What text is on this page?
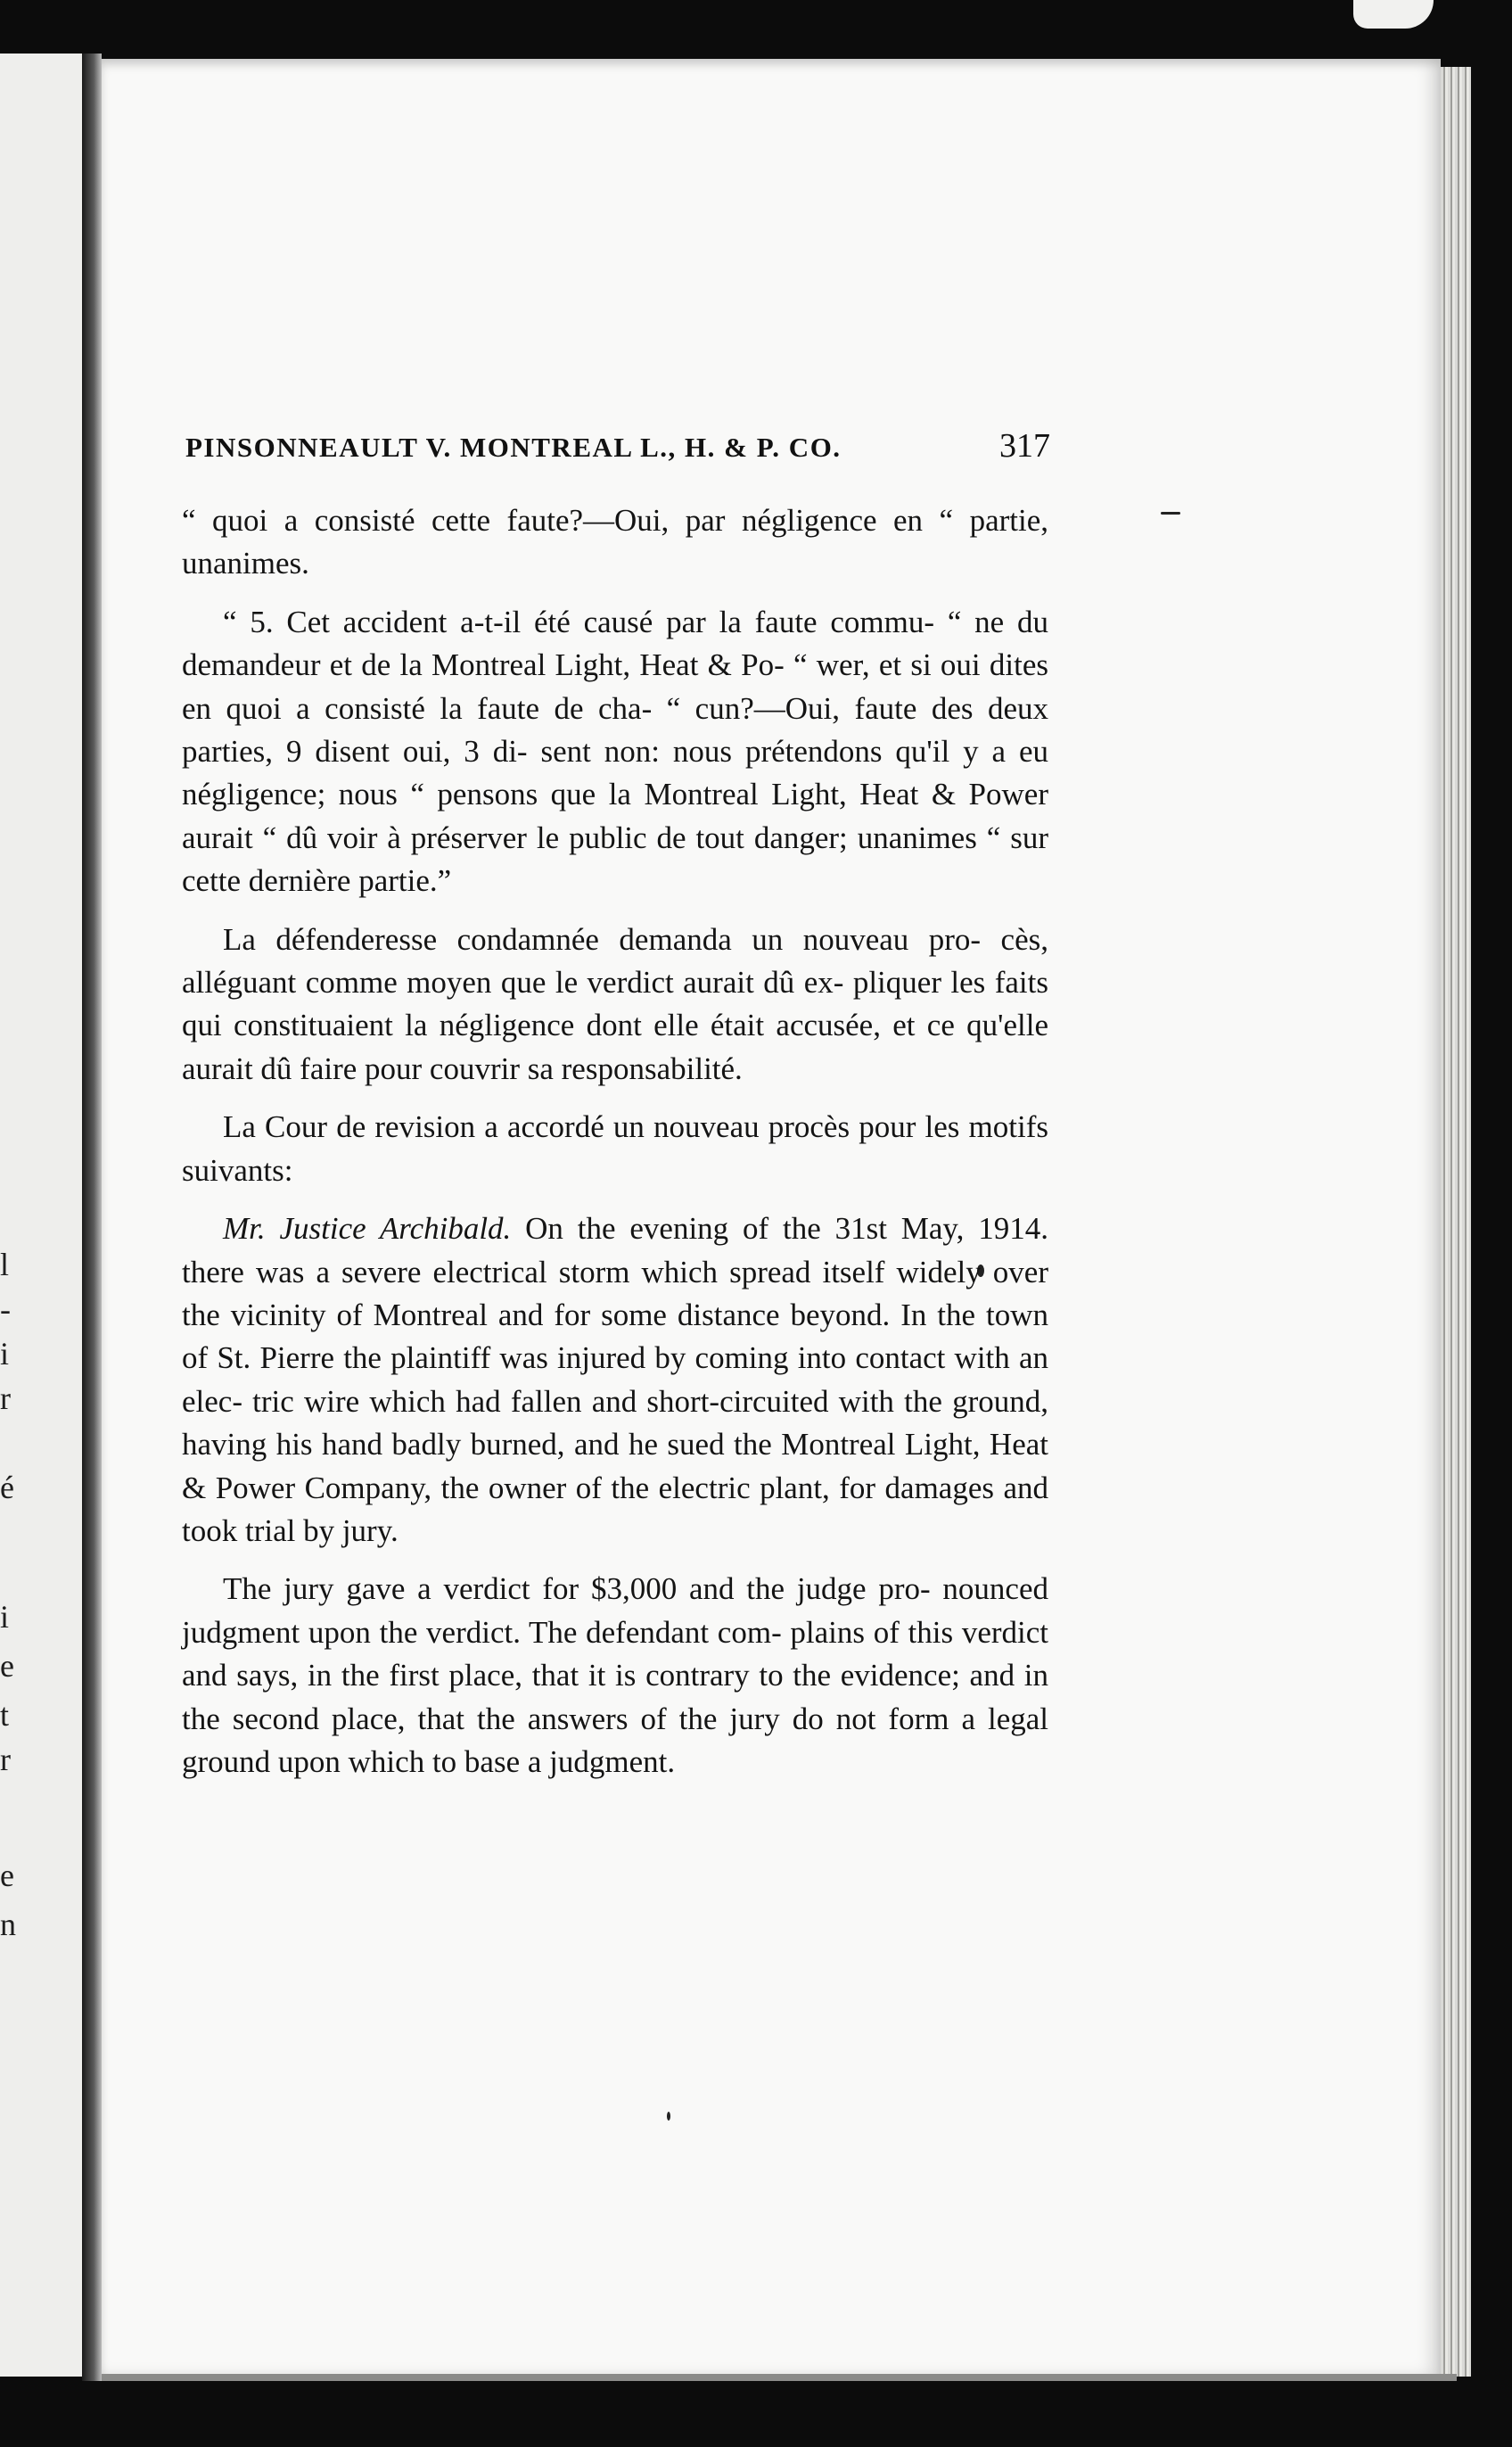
l
-
i
r
é
i
e
t
r
e
n
PINSONNEAULT V. MONTREAL L., H. & P. CO.	317

“ quoi a consisté cette faute?—Oui, par négligence en “ partie, unanimes.

“ 5. Cet accident a-t-il été causé par la faute commu- “ ne du demandeur et de la Montreal Light, Heat & Po- “ wer, et si oui dites en quoi a consisté la faute de cha- “ cun?—Oui, faute des deux parties, 9 disent oui, 3 di- sent non: nous prétendons qu'il y a eu négligence; nous “ pensons que la Montreal Light, Heat & Power aurait “ dû voir à préserver le public de tout danger; unanimes “ sur cette dernière partie.”

La défenderesse condamnée demanda un nouveau pro- cès, alléguant comme moyen que le verdict aurait dû ex- pliquer les faits qui constituaient la négligence dont elle était accusée, et ce qu'elle aurait dû faire pour couvrir sa responsabilité.

La Cour de revision a accordé un nouveau procès pour les motifs suivants:

Mr. Justice Archibald. On the evening of the 31st May, 1914. there was a severe electrical storm which spread itself widely over the vicinity of Montreal and for some distance beyond. In the town of St. Pierre the plaintiff was injured by coming into contact with an elec- tric wire which had fallen and short-circuited with the ground, having his hand badly burned, and he sued the Montreal Light, Heat & Power Company, the owner of the electric plant, for damages and took trial by jury.

The jury gave a verdict for $3,000 and the judge pro- nounced judgment upon the verdict. The defendant com- plains of this verdict and says, in the first place, that it is contrary to the evidence; and in the second place, that the answers of the jury do not form a legal ground upon which to base a judgment.
